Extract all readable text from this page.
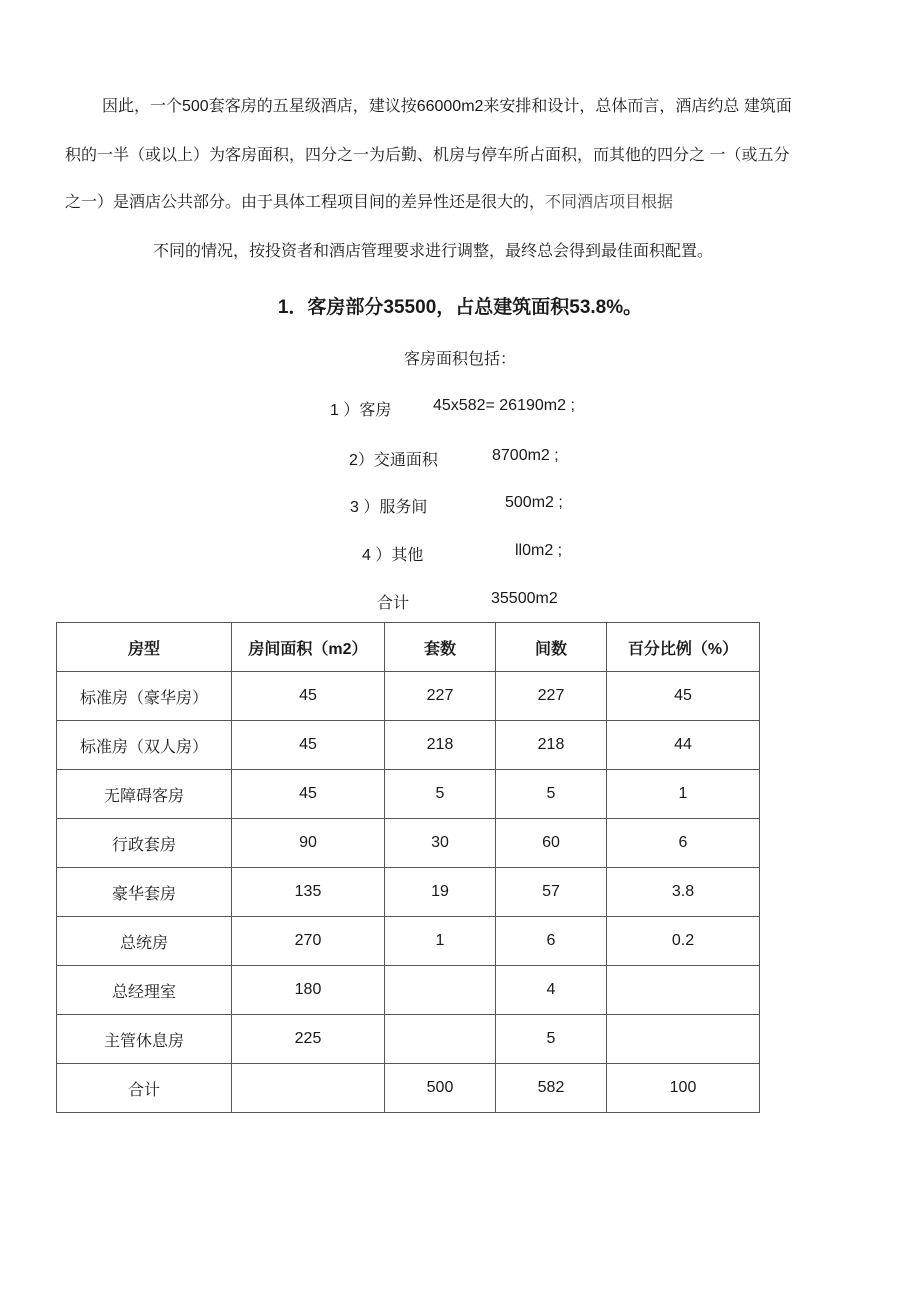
因此，一个500套客房的五星级酒店，建议按66000m2来安排和设计，总体而言，酒店约总 建筑面
积的一半（或以上）为客房面积，四分之一为后勤、机房与停车所占面积，而其他的四分之 一（或五分
之一）是酒店公共部分。由于具体工程项目间的差异性还是很大的，不同酒店项目根据
不同的情况，按投资者和酒店管理要求进行调整，最终总会得到最佳面积配置。
1．客房部分35500，占总建筑面积53.8%。
客房面积包括：
1 ）客房	45x582= 26190m2 ;
2）交通面积	8700m2 ;
3 ）服务间	500m2 ;
4 ）其他	ll0m2 ;
合计	35500m2
房型	房间面积（m2）	套数	间数	百分比例（%）
标准房（豪华房）	45	227	227	45
标准房（双人房）	45	218	218	44
无障碍客房	45	5	5	1
行政套房	90	30	60	6
豪华套房	135	19	57	3.8
总统房	270	1	6	0.2
总经理室	180		4	
主管休息房	225		5	
合计		500	582	100
